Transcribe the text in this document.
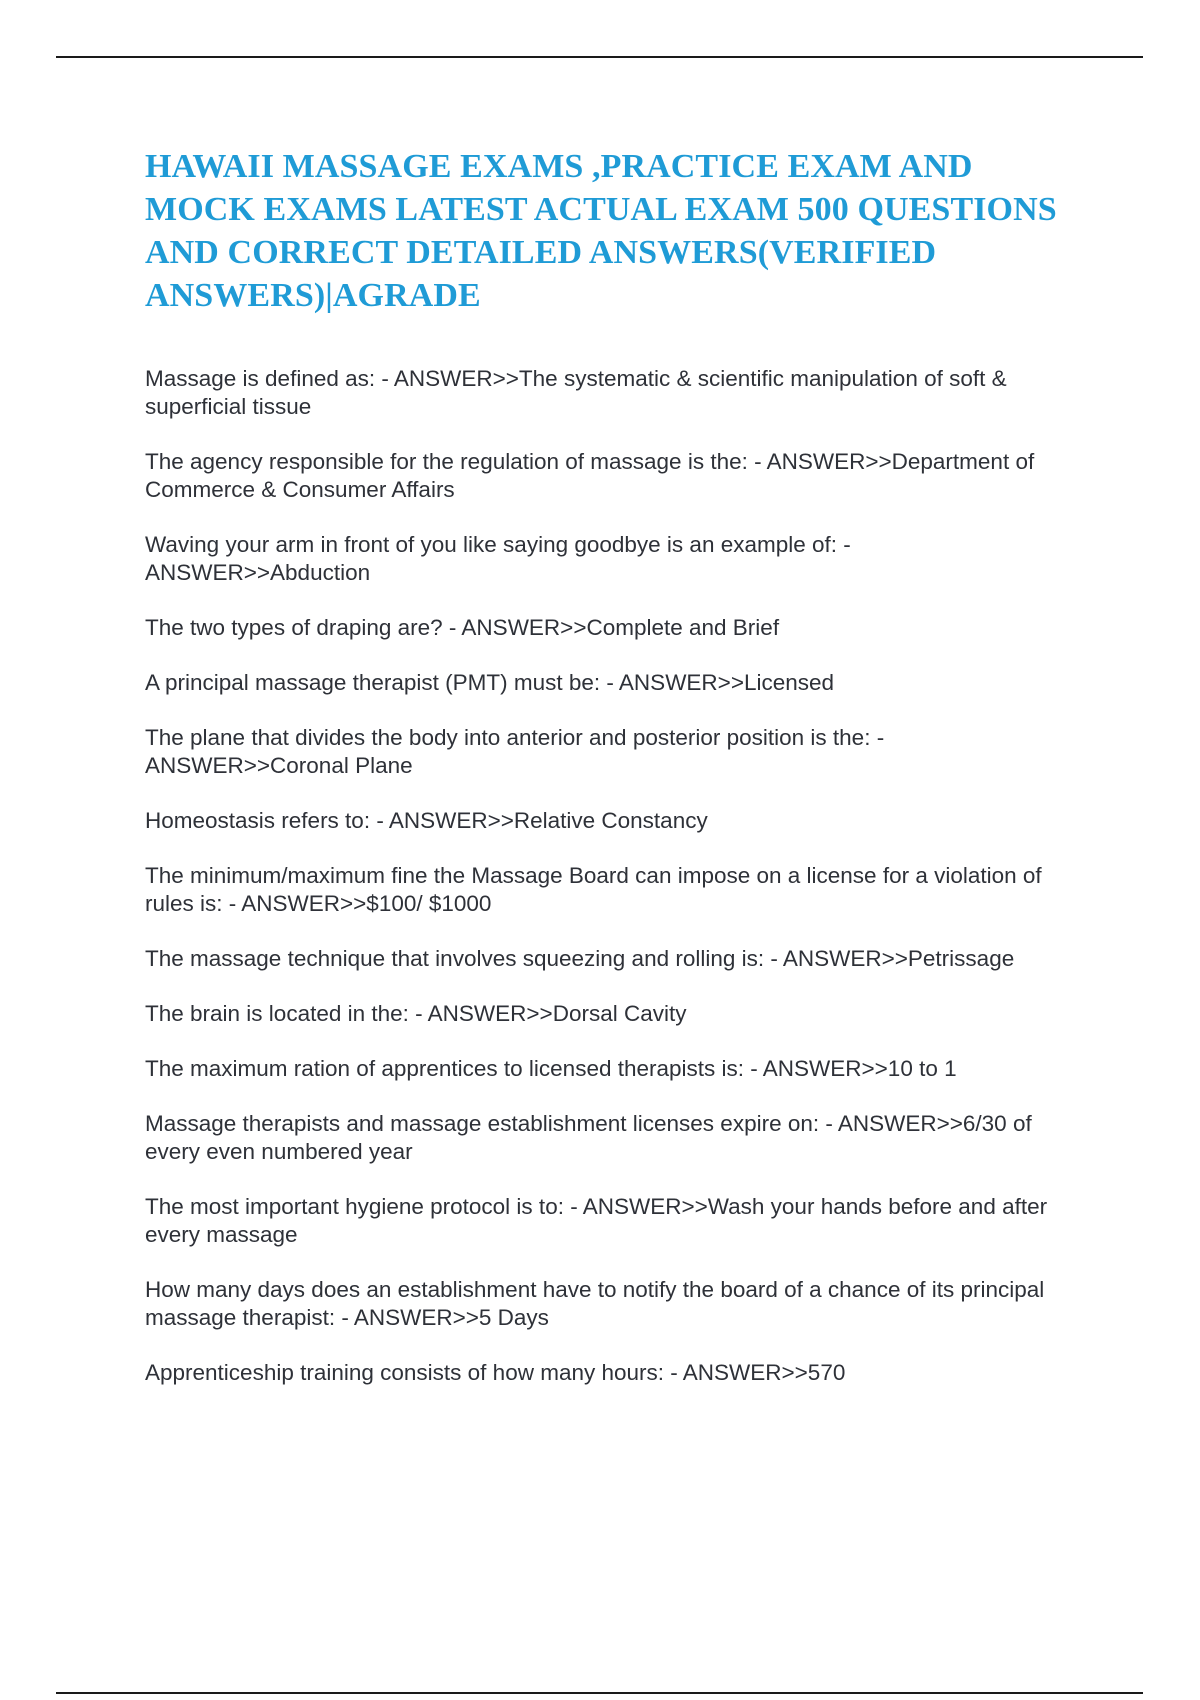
HAWAII MASSAGE EXAMS ,PRACTICE EXAM AND MOCK EXAMS LATEST ACTUAL EXAM 500 QUESTIONS AND CORRECT DETAILED ANSWERS(VERIFIED ANSWERS)|AGRADE

Massage is defined as: - ANSWER>>The systematic & scientific manipulation of soft & superficial tissue

The agency responsible for the regulation of massage is the: - ANSWER>>Department of Commerce & Consumer Affairs

Waving your arm in front of you like saying goodbye is an example of: - ANSWER>>Abduction

The two types of draping are? - ANSWER>>Complete and Brief

A principal massage therapist (PMT) must be: - ANSWER>>Licensed

The plane that divides the body into anterior and posterior position is the: - ANSWER>>Coronal Plane

Homeostasis refers to: - ANSWER>>Relative Constancy

The minimum/maximum fine the Massage Board can impose on a license for a violation of rules is: - ANSWER>>$100/ $1000

The massage technique that involves squeezing and rolling is: - ANSWER>>Petrissage

The brain is located in the: - ANSWER>>Dorsal Cavity

The maximum ration of apprentices to licensed therapists is: - ANSWER>>10 to 1

Massage therapists and massage establishment licenses expire on: - ANSWER>>6/30 of every even numbered year

The most important hygiene protocol is to: - ANSWER>>Wash your hands before and after every massage

How many days does an establishment have to notify the board of a chance of its principal massage therapist: - ANSWER>>5 Days

Apprenticeship training consists of how many hours: - ANSWER>>570
